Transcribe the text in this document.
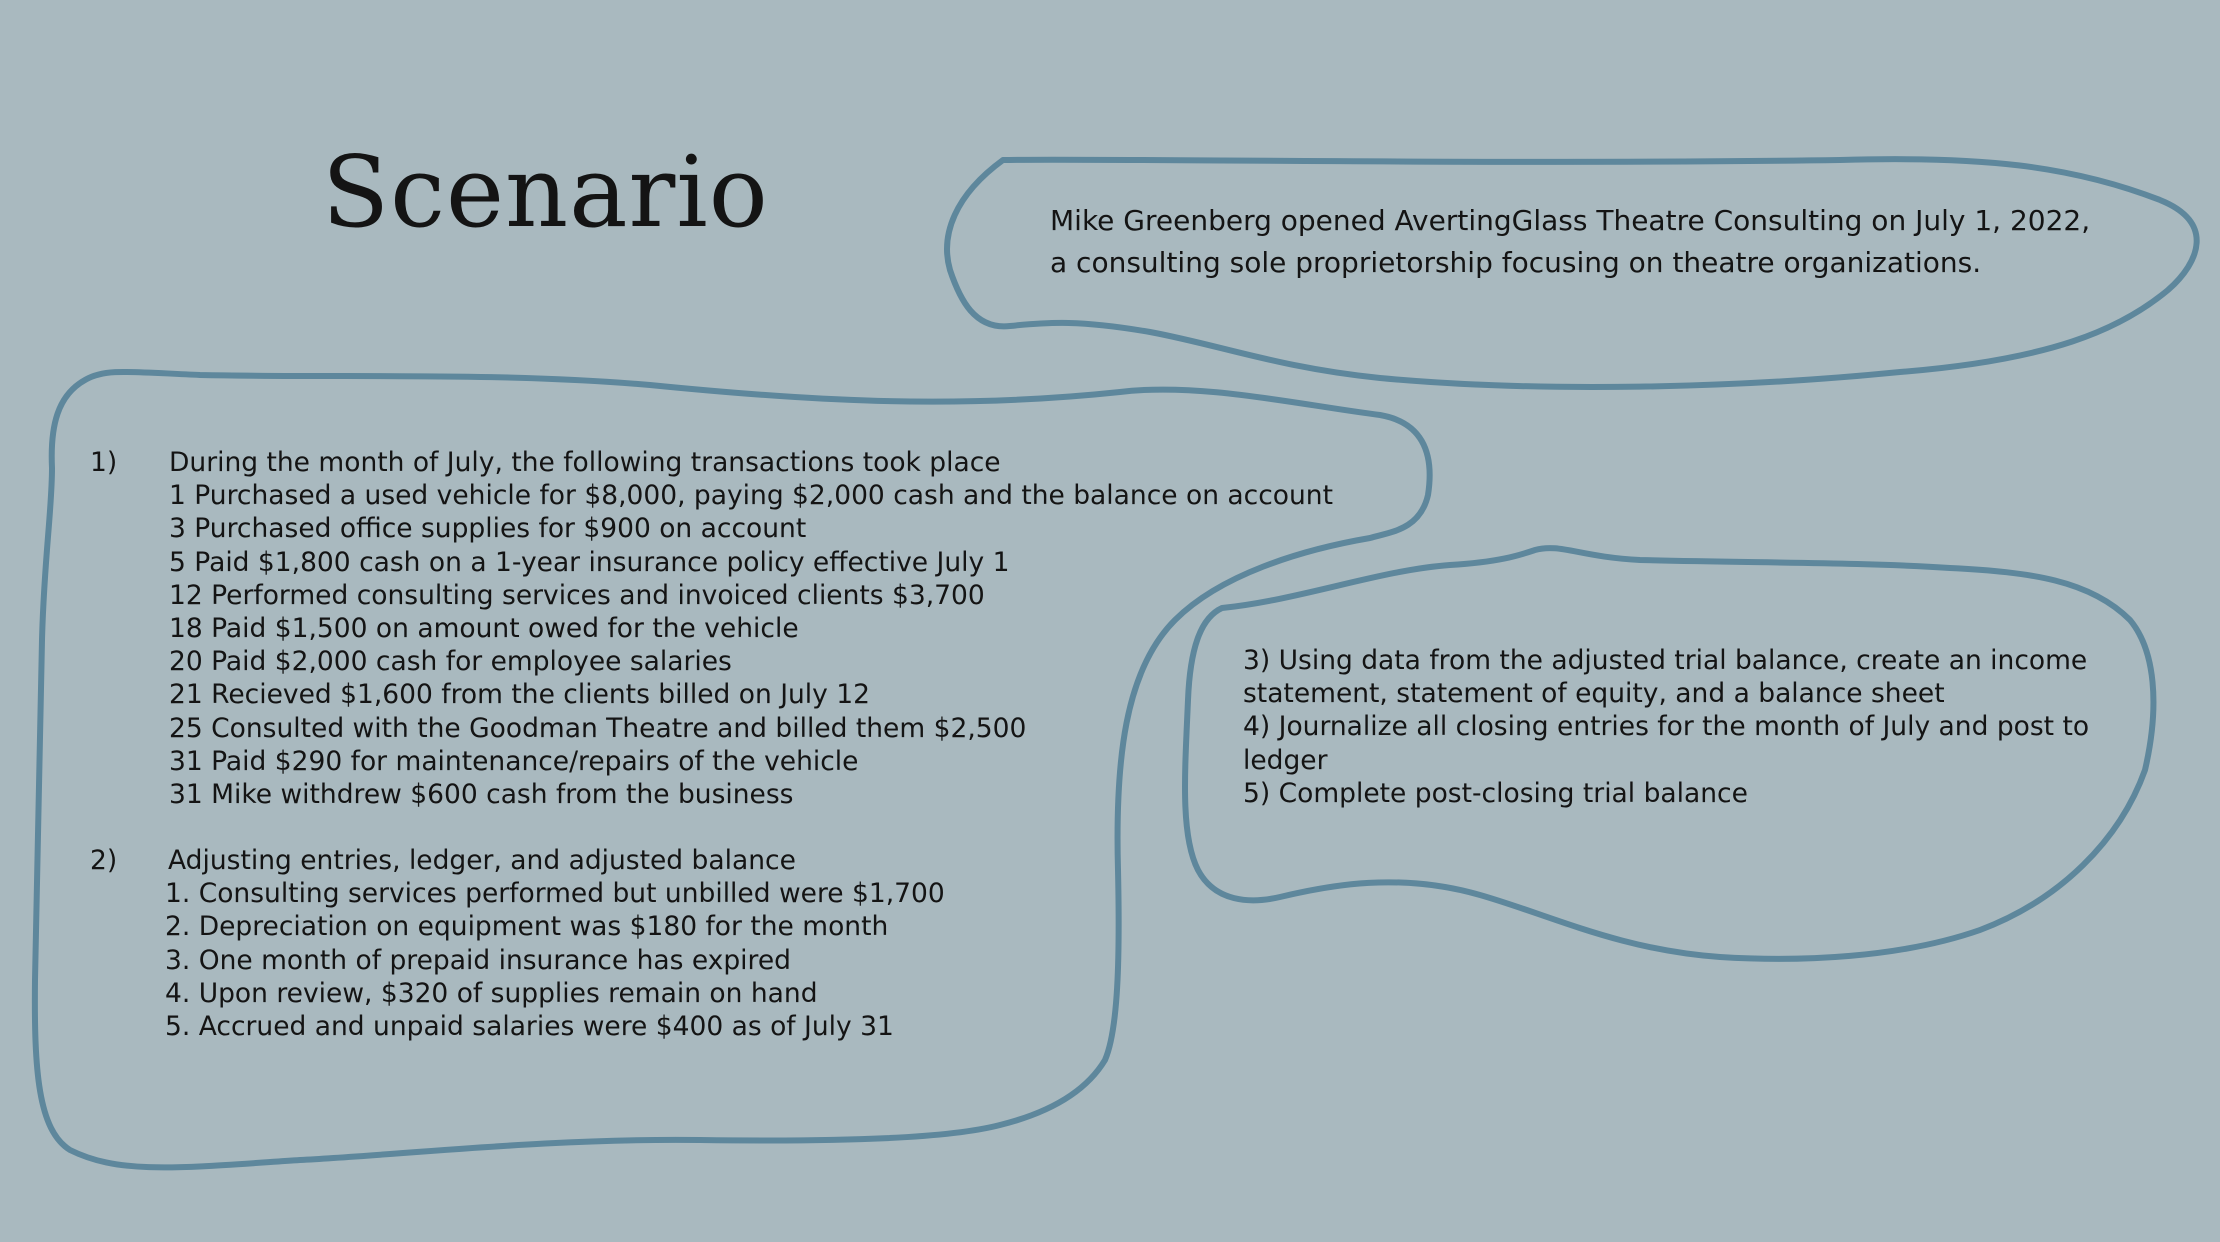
Scenario	Mike Greenberg opened AvertingGlass Theatre Consulting on July 1, 2022,
a consulting sole proprietorship focusing on theatre organizations.
1) During the month of July, the following transactions took place
1 Purchased a used vehicle for $8,000, paying $2,000 cash and the balance on account
3 Purchased office supplies for $900 on account
5 Paid $1,800 cash on a 1-year insurance policy effective July 1
12 Performed consulting services and invoiced clients $3,700
18 Paid $1,500 on amount owed for the vehicle
20 Paid $2,000 cash for employee salaries
21 Recieved $1,600 from the clients billed on July 12
25 Consulted with the Goodman Theatre and billed them $2,500
31 Paid $290 for maintenance/repairs of the vehicle
31 Mike withdrew $600 cash from the business
2) Adjusting entries, ledger, and adjusted balance
1. Consulting services performed but unbilled were $1,700
2. Depreciation on equipment was $180 for the month
3. One month of prepaid insurance has expired
4. Upon review, $320 of supplies remain on hand
5. Accrued and unpaid salaries were $400 as of July 31
3) Using data from the adjusted trial balance, create an income statement, statement of equity, and a balance sheet
4) Journalize all closing entries for the month of July and post to ledger
5) Complete post-closing trial balance
